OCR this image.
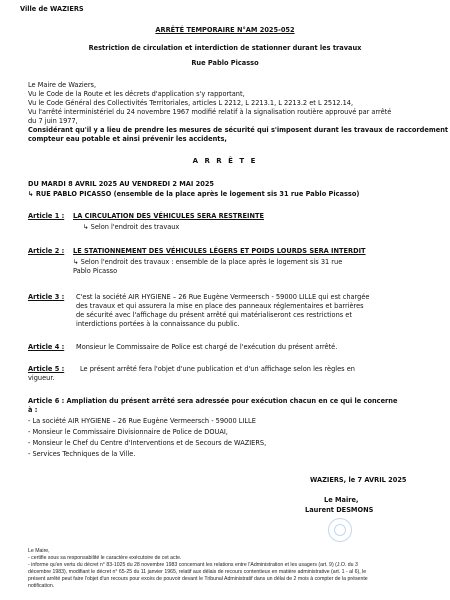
Ville de WAZIERS
ARRÊTÉ TEMPORAIRE N°AM 2025-052
Restriction de circulation et interdiction de stationner durant les travaux
Rue Pablo Picasso
Le Maire de Waziers,
Vu le Code de la Route et les décrets d'application s'y rapportant,
Vu le Code Général des Collectivités Territoriales, articles L 2212, L 2213.1, L 2213.2 et L 2512.14,
Vu l'arrêté interministériel du 24 novembre 1967 modifié relatif à la signalisation routière approuvé par arrêté
du 7 juin 1977,
Considérant qu'il y a lieu de prendre les mesures de sécurité qui s'imposent durant les travaux de raccordement
compteur eau potable et ainsi prévenir les accidents,
A R R Ê T E
DU MARDI 8 AVRIL 2025 AU VENDREDI 2 MAI 2025
↳ RUE PABLO PICASSO (ensemble de la place après le logement sis 31 rue Pablo Picasso)
Article 1 : LA CIRCULATION DES VÉHICULES SERA RESTREINTE
↳ Selon l'endroit des travaux
Article 2 : LE STATIONNEMENT DES VÉHICULES LÉGERS ET POIDS LOURDS SERA INTERDIT
↳ Selon l'endroit des travaux : ensemble de la place après le logement sis 31 rue
Pablo Picasso
Article 3 : C'est la société AIR HYGIENE – 26 Rue Eugène Vermeersch - 59000 LILLE qui est chargée
des travaux et qui assurera la mise en place des panneaux réglementaires et barrières
de sécurité avec l'affichage du présent arrêté qui matérialiseront ces restrictions et
interdictions portées à la connaissance du public.
Article 4 : Monsieur le Commissaire de Police est chargé de l'exécution du présent arrêté.
Article 5 : Le présent arrêté fera l'objet d'une publication et d'un affichage selon les règles en
vigueur.
Article 6 : Ampliation du présent arrêté sera adressée pour exécution chacun en ce qui le concerne
à :
- La société AIR HYGIENE – 26 Rue Eugène Vermeersch - 59000 LILLE
- Monsieur le Commissaire Divisionnaire de Police de DOUAI,
- Monsieur le Chef du Centre d'Interventions et de Secours de WAZIERS,
- Services Techniques de la Ville.
WAZIERS, le 7 AVRIL 2025
Le Maire,
Laurent DESMONS
Le Maire,
- certifie sous sa responsabilité le caractère exécutoire de cet acte.
- informe qu'en vertu du décret n° 83-1025 du 28 novembre 1983 concernant les relations entre l'Administration et les usagers (art. 9) (J.O. du 3
décembre 1983), modifiant le décret n° 65-25 du 11 janvier 1965, relatif aux délais de recours contentieux en matière administrative (art. 1 - al 6), le
présent arrêté peut faire l'objet d'un recours pour excès de pouvoir devant le Tribunal Administratif dans un délai de 2 mois à compter de la présente
notification.
